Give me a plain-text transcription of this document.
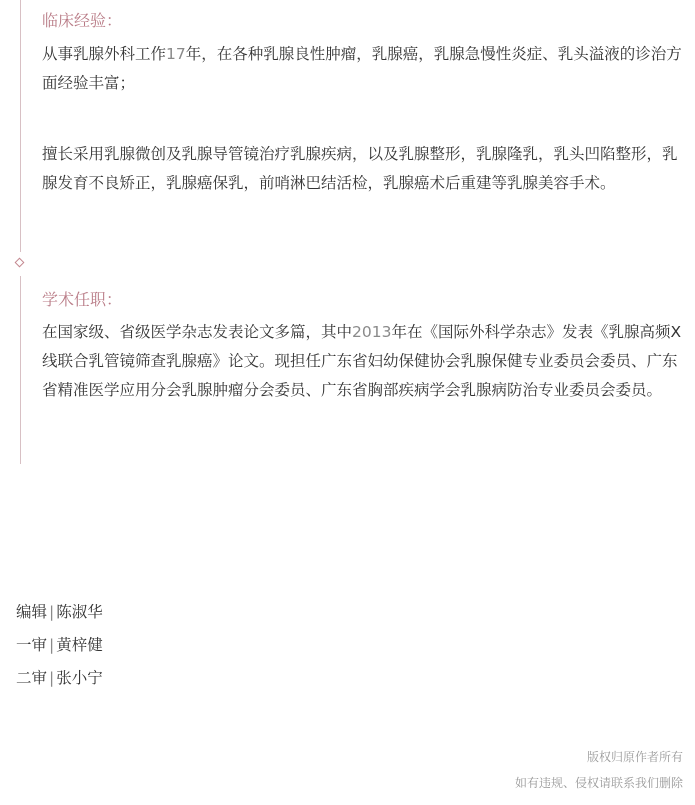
临床经验：

从事乳腺外科工作17年，在各种乳腺良性肿瘤，乳腺癌，乳腺急慢性炎症、乳头溢液的诊治方面经验丰富；

擅长采用乳腺微创及乳腺导管镜治疗乳腺疾病，以及乳腺整形，乳腺隆乳，乳头凹陷整形，乳腺发育不良矫正，乳腺癌保乳，前哨淋巴结活检，乳腺癌术后重建等乳腺美容手术。

学术任职：

在国家级、省级医学杂志发表论文多篇，其中2013年在《国际外科学杂志》发表《乳腺高频X线联合乳管镜筛查乳腺癌》论文。现担任广东省妇幼保健协会乳腺保健专业委员会委员、广东省精准医学应用分会乳腺肿瘤分会委员、广东省胸部疾病学会乳腺病防治专业委员会委员。

编辑 | 陈淑华
一审 | 黄梓健
二审 | 张小宁
版权归原作者所有
如有违规、侵权请联系我们删除
